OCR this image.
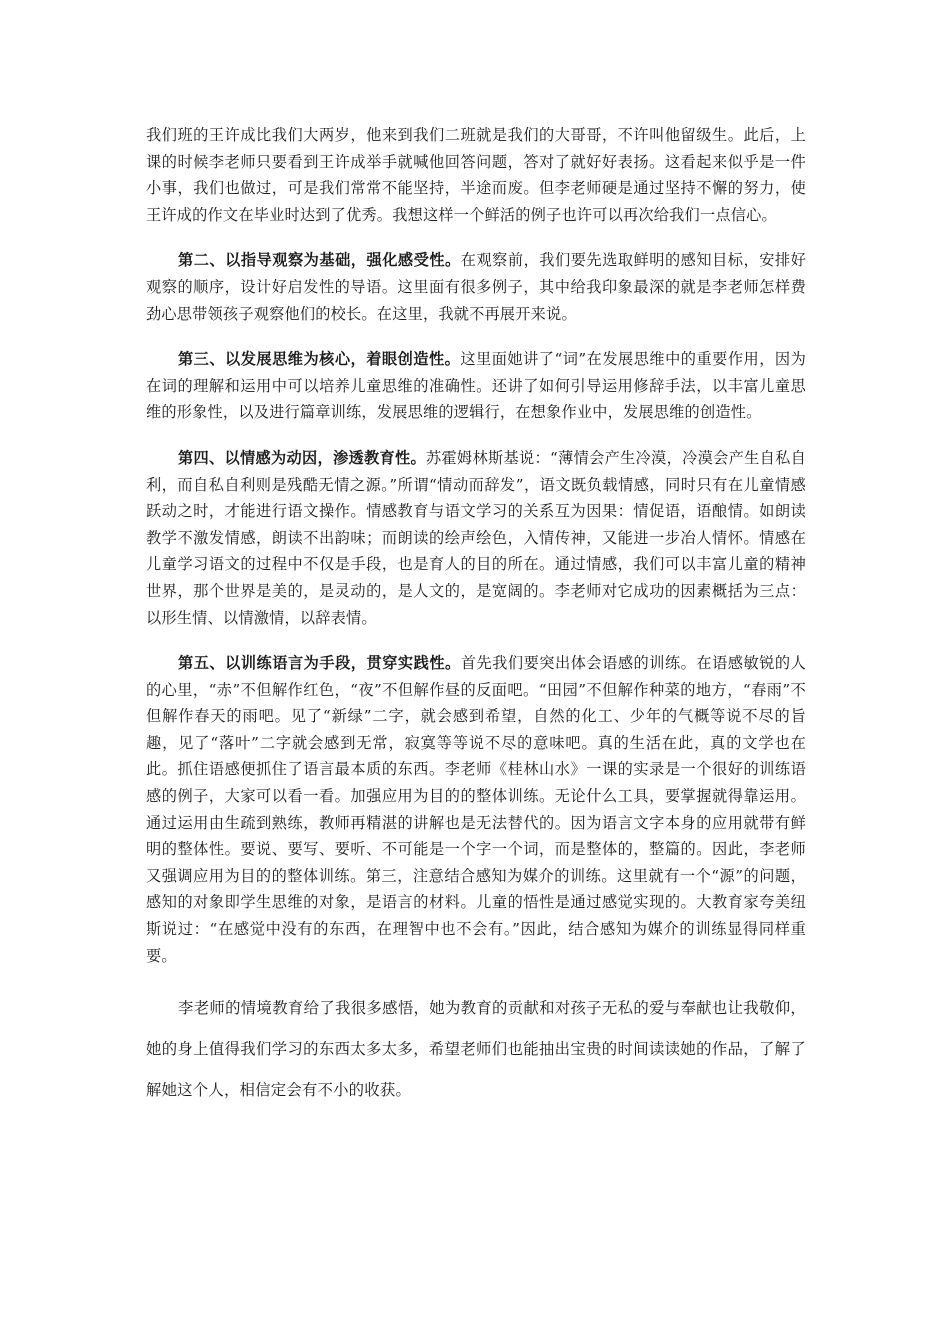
我们班的王许成比我们大两岁，他来到我们二班就是我们的大哥哥，不许叫他留级生。此后，上课的时候李老师只要看到王许成举手就喊他回答问题，答对了就好好表扬。这看起来似乎是一件小事，我们也做过，可是我们常常不能坚持，半途而废。但李老师硬是通过坚持不懈的努力，使王许成的作文在毕业时达到了优秀。我想这样一个鲜活的例子也许可以再次给我们一点信心。

第二、以指导观察为基础，强化感受性。在观察前，我们要先选取鲜明的感知目标，安排好观察的顺序，设计好启发性的导语。这里面有很多例子，其中给我印象最深的就是李老师怎样费劲心思带领孩子观察他们的校长。在这里，我就不再展开来说。

第三、以发展思维为核心，着眼创造性。这里面她讲了“词”在发展思维中的重要作用，因为在词的理解和运用中可以培养儿童思维的准确性。还讲了如何引导运用修辞手法，以丰富儿童思维的形象性，以及进行篇章训练，发展思维的逻辑行，在想象作业中，发展思维的创造性。

第四、以情感为动因，渗透教育性。苏霍姆林斯基说：“薄情会产生冷漠，冷漠会产生自私自利，而自私自利则是残酷无情之源。”所谓“情动而辞发”，语文既负载情感，同时只有在儿童情感跃动之时，才能进行语文操作。情感教育与语文学习的关系互为因果：情促语，语酿情。如朗读教学不激发情感，朗读不出韵味；而朗读的绘声绘色，入情传神，又能进一步冶人情怀。情感在儿童学习语文的过程中不仅是手段，也是育人的目的所在。通过情感，我们可以丰富儿童的精神世界，那个世界是美的，是灵动的，是人文的，是宽阔的。李老师对它成功的因素概括为三点：以形生情、以情激情，以辞表情。

第五、以训练语言为手段，贯穿实践性。首先我们要突出体会语感的训练。在语感敏锐的人的心里，“赤”不但解作红色，“夜”不但解作昼的反面吧。“田园”不但解作种菜的地方，“春雨”不但解作春天的雨吧。见了“新绿”二字，就会感到希望，自然的化工、少年的气概等说不尽的旨趣，见了“落叶”二字就会感到无常，寂寞等等说不尽的意味吧。真的生活在此，真的文学也在此。抓住语感便抓住了语言最本质的东西。李老师《桂林山水》一课的实录是一个很好的训练语感的例子，大家可以看一看。加强应用为目的的整体训练。无论什么工具，要掌握就得靠运用。通过运用由生疏到熟练，教师再精湛的讲解也是无法替代的。因为语言文字本身的应用就带有鲜明的整体性。要说、要写、要听、不可能是一个字一个词，而是整体的，整篇的。因此，李老师又强调应用为目的的整体训练。第三，注意结合感知为媒介的训练。这里就有一个“源”的问题，感知的对象即学生思维的对象，是语言的材料。儿童的悟性是通过感觉实现的。大教育家夸美纽斯说过：“在感觉中没有的东西，在理智中也不会有。”因此，结合感知为媒介的训练显得同样重要。

李老师的情境教育给了我很多感悟，她为教育的贡献和对孩子无私的爱与奉献也让我敬仰，她的身上值得我们学习的东西太多太多，希望老师们也能抽出宝贵的时间读读她的作品，了解了解她这个人，相信定会有不小的收获。
